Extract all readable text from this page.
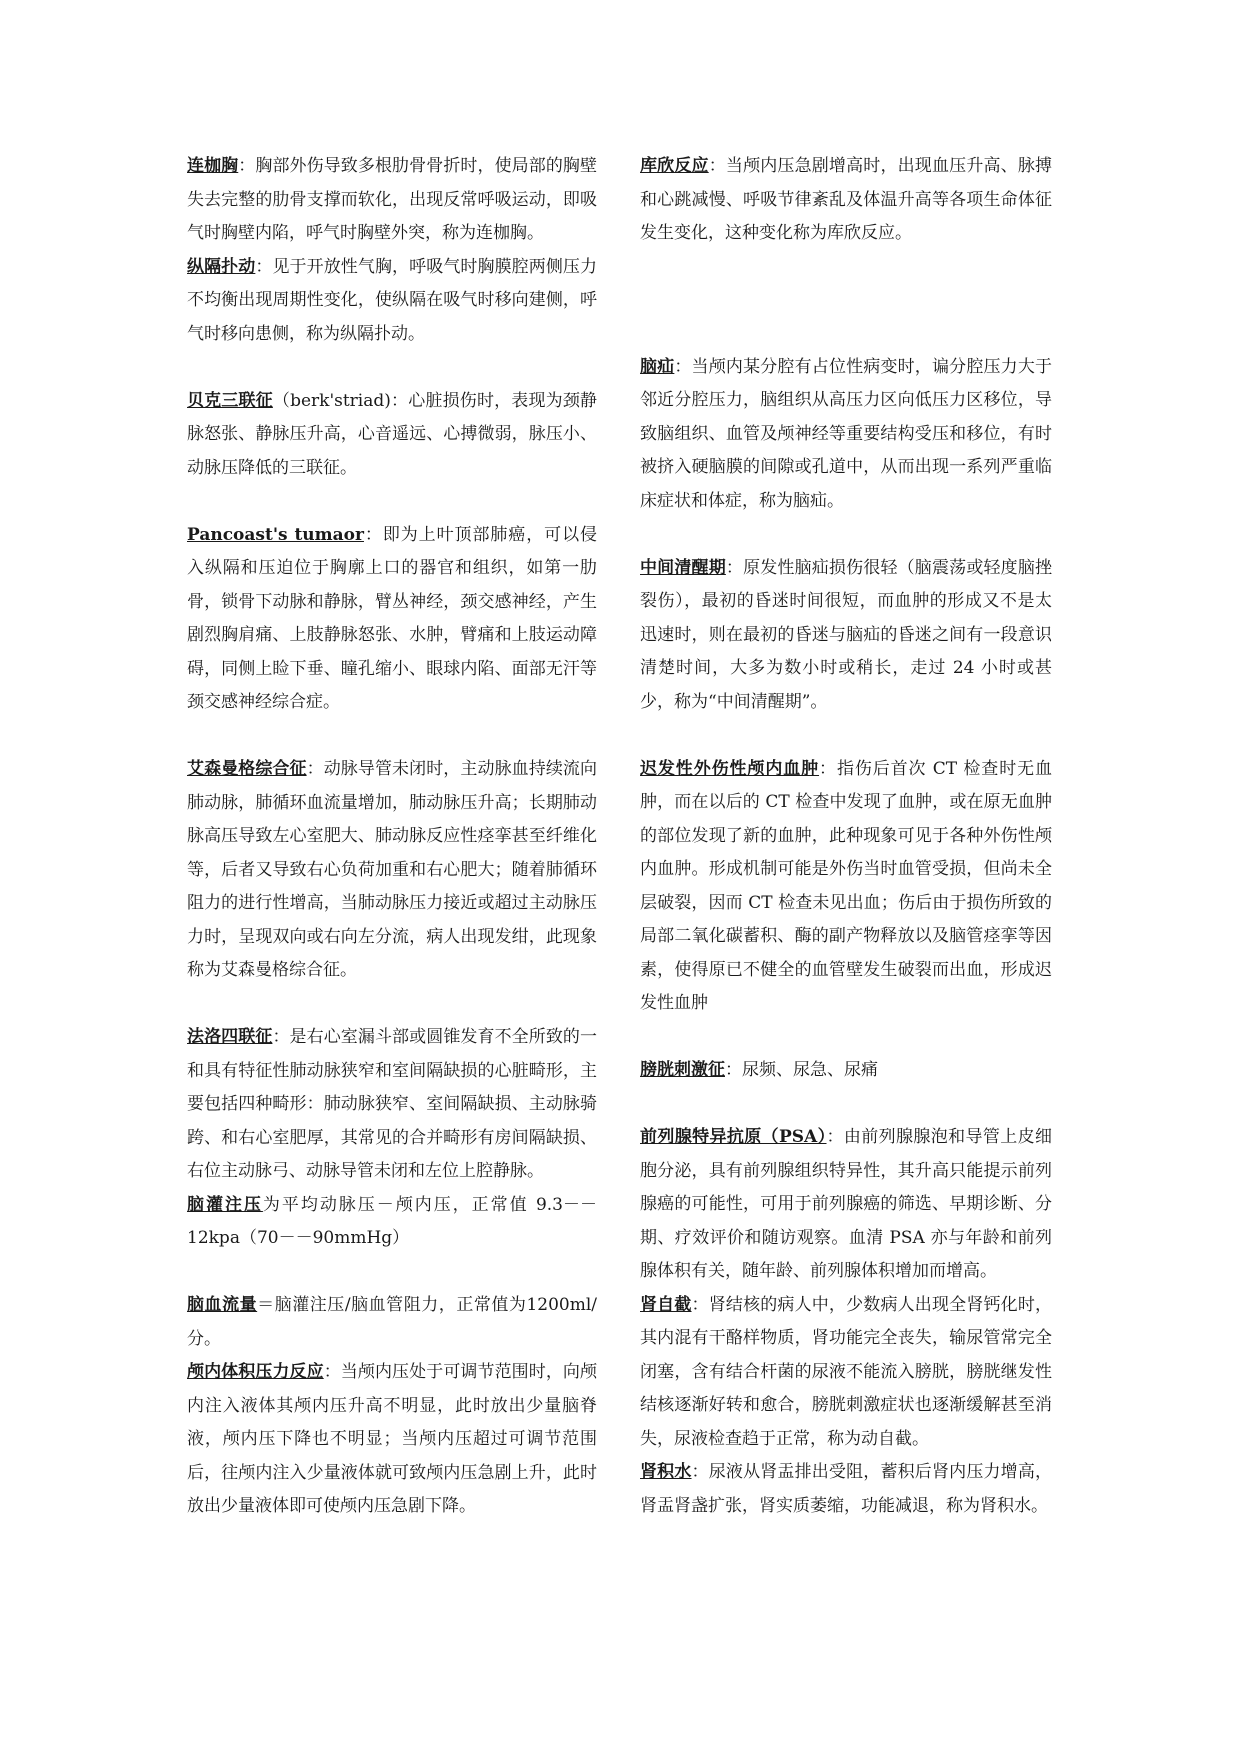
连枷胸：胸部外伤导致多根肋骨骨折时，使局部的胸壁失去完整的肋骨支撑而软化，出现反常呼吸运动，即吸气时胸壁内陷，呼气时胸壁外突，称为连枷胸。

纵隔扑动：见于开放性气胸，呼吸气时胸膜腔两侧压力不均衡出现周期性变化，使纵隔在吸气时移向建侧，呼气时移向患侧，称为纵隔扑动。

贝克三联征（berk'striad)：心脏损伤时，表现为颈静脉怒张、静脉压升高，心音遥远、心搏微弱，脉压小、动脉压降低的三联征。

Pancoast's tumaor：即为上叶顶部肺癌，可以侵入纵隔和压迫位于胸廓上口的器官和组织，如第一肋骨，锁骨下动脉和静脉，臂丛神经，颈交感神经，产生剧烈胸肩痛、上肢静脉怒张、水肿，臂痛和上肢运动障碍，同侧上睑下垂、瞳孔缩小、眼球内陷、面部无汗等颈交感神经综合症。

艾森曼格综合征：动脉导管未闭时，主动脉血持续流向肺动脉，肺循环血流量增加，肺动脉压升高；长期肺动脉高压导致左心室肥大、肺动脉反应性痉挛甚至纤维化等，后者又导致右心负荷加重和右心肥大；随着肺循环阻力的进行性增高，当肺动脉压力接近或超过主动脉压力时，呈现双向或右向左分流，病人出现发绀，此现象称为艾森曼格综合征。

法洛四联征：是右心室漏斗部或圆锥发育不全所致的一和具有特征性肺动脉狭窄和室间隔缺损的心脏畸形，主要包括四种畸形：肺动脉狭窄、室间隔缺损、主动脉骑跨、和右心室肥厚，其常见的合并畸形有房间隔缺损、右位主动脉弓、动脉导管未闭和左位上腔静脉。

脑灌注压为平均动脉压－颅内压，正常值 9.3－－12kpa（70－－90mmHg）

脑血流量＝脑灌注压/脑血管阻力，正常值为1200ml/分。

颅内体积压力反应：当颅内压处于可调节范围时，向颅内注入液体其颅内压升高不明显，此时放出少量脑脊液，颅内压下降也不明显；当颅内压超过可调节范围后，往颅内注入少量液体就可致颅内压急剧上升，此时放出少量液体即可使颅内压急剧下降。

库欣反应：当颅内压急剧增高时，出现血压升高、脉搏和心跳减慢、呼吸节律紊乱及体温升高等各项生命体征发生变化，这种变化称为库欣反应。

脑疝：当颅内某分腔有占位性病变时，谝分腔压力大于邻近分腔压力，脑组织从高压力区向低压力区移位，导致脑组织、血管及颅神经等重要结构受压和移位，有时被挤入硬脑膜的间隙或孔道中，从而出现一系列严重临床症状和体症，称为脑疝。

中间清醒期：原发性脑疝损伤很轻（脑震荡或轻度脑挫裂伤），最初的昏迷时间很短，而血肿的形成又不是太迅速时，则在最初的昏迷与脑疝的昏迷之间有一段意识清楚时间，大多为数小时或稍长，走过 24 小时或甚少，称为“中间清醒期”。

迟发性外伤性颅内血肿：指伤后首次 CT 检查时无血肿，而在以后的 CT 检查中发现了血肿，或在原无血肿的部位发现了新的血肿，此种现象可见于各种外伤性颅内血肿。形成机制可能是外伤当时血管受损，但尚未全层破裂，因而 CT 检查未见出血；伤后由于损伤所致的局部二氧化碳蓄积、酶的副产物释放以及脑管痉挛等因素，使得原已不健全的血管壁发生破裂而出血，形成迟发性血肿

膀胱刺激征：尿频、尿急、尿痛

前列腺特异抗原（PSA）：由前列腺腺泡和导管上皮细胞分泌，具有前列腺组织特异性，其升高只能提示前列腺癌的可能性，可用于前列腺癌的筛选、早期诊断、分期、疗效评价和随访观察。血清 PSA 亦与年龄和前列腺体积有关，随年龄、前列腺体积增加而增高。

肾自截：肾结核的病人中，少数病人出现全肾钙化时，其内混有干酪样物质，肾功能完全丧失，输尿管常完全闭塞，含有结合杆菌的尿液不能流入膀胱，膀胱继发性结核逐渐好转和愈合，膀胱刺激症状也逐渐缓解甚至消失，尿液检查趋于正常，称为动自截。

肾积水：尿液从肾盂排出受阻，蓄积后肾内压力增高，肾盂肾盏扩张，肾实质萎缩，功能减退，称为肾积水。
